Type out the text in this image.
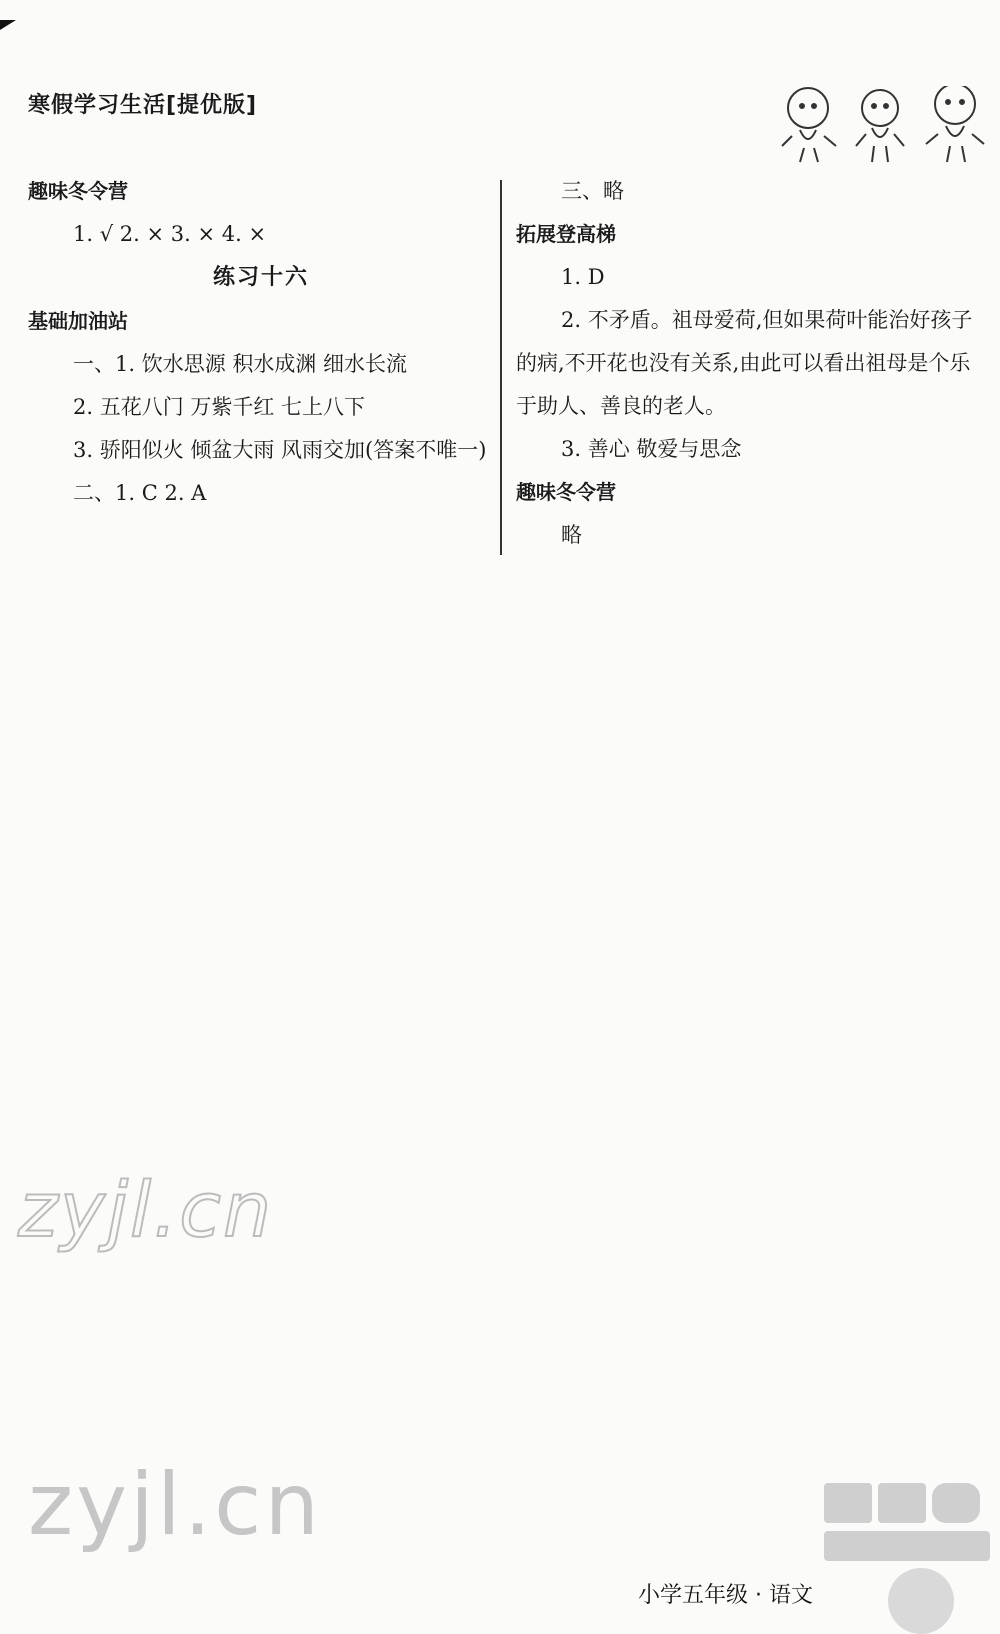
寒假学习生活[提优版]
趣味冬令营
1. √ 2. × 3. × 4. ×
练习十六
基础加油站
一、1. 饮水思源 积水成渊 细水长流
2. 五花八门 万紫千红 七上八下
3. 骄阳似火 倾盆大雨 风雨交加(答案不唯一)
二、1. C 2. A
三、略
拓展登高梯
1. D
2. 不矛盾。祖母爱荷,但如果荷叶能治好孩子的病,不开花也没有关系,由此可以看出祖母是个乐于助人、善良的老人。
3. 善心 敬爱与思念
趣味冬令营
略
zyjl.cn
zyjl.cn
小学五年级 · 语文
